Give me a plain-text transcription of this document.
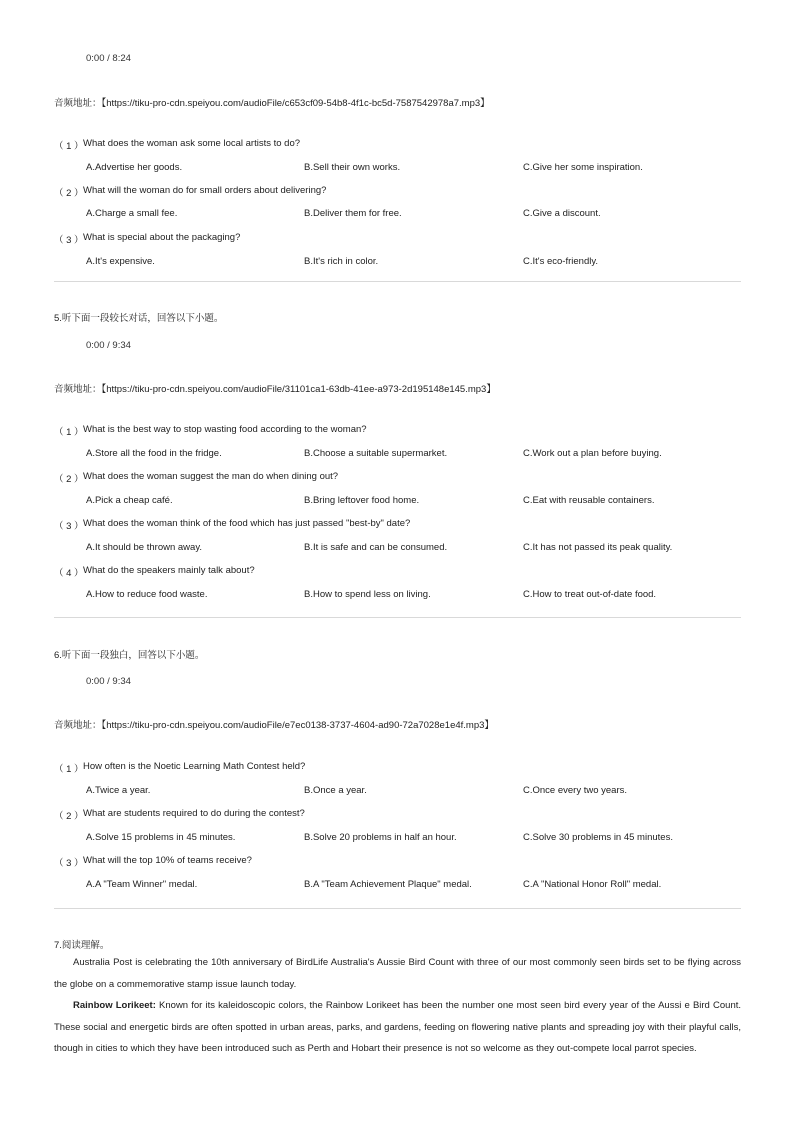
0:00 / 8:24
音频地址：【https://tiku-pro-cdn.speiyou.com/audioFile/c653cf09-54b8-4f1c-bc5d-7587542978a7.mp3】
（ 1 ） What does the woman ask some local artists to do?
A.Advertise her goods.	B.Sell their own works.	C.Give her some inspiration.
（ 2 ） What will the woman do for small orders about delivering?
A.Charge a small fee.	B.Deliver them for free.	C.Give a discount.
（ 3 ） What is special about the packaging?
A.It's expensive.	B.It's rich in color.	C.It's eco-friendly.
5.听下面一段较长对话，回答以下小题。
0:00 / 9:34
音频地址：【https://tiku-pro-cdn.speiyou.com/audioFile/31101ca1-63db-41ee-a973-2d195148e145.mp3】
（ 1 ） What is the best way to stop wasting food according to the woman?
A.Store all the food in the fridge.	B.Choose a suitable supermarket.	C.Work out a plan before buying.
（ 2 ） What does the woman suggest the man do when dining out?
A.Pick a cheap café.	B.Bring leftover food home.	C.Eat with reusable containers.
（ 3 ） What does the woman think of the food which has just passed "best-by" date?
A.It should be thrown away.	B.It is safe and can be consumed.	C.It has not passed its peak quality.
（ 4 ） What do the speakers mainly talk about?
A.How to reduce food waste.	B.How to spend less on living.	C.How to treat out-of-date food.
6.听下面一段独白，回答以下小题。
0:00 / 9:34
音频地址：【https://tiku-pro-cdn.speiyou.com/audioFile/e7ec0138-3737-4604-ad90-72a7028e1e4f.mp3】
（ 1 ） How often is the Noetic Learning Math Contest held?
A.Twice a year.	B.Once a year.	C.Once every two years.
（ 2 ） What are students required to do during the contest?
A.Solve 15 problems in 45 minutes.	B.Solve 20 problems in half an hour.	C.Solve 30 problems in 45 minutes.
（ 3 ） What will the top 10% of teams receive?
A.A "Team Winner" medal.	B.A "Team Achievement Plaque" medal.	C.A "National Honor Roll" medal.
7.阅读理解。

Australia Post is celebrating the 10th anniversary of BirdLife Australia's Aussie Bird Count with three of our most commonly seen birds set to be flying across the globe on a commemorative stamp issue launch today.

Rainbow Lorikeet: Known for its kaleidoscopic colors, the Rainbow Lorikeet has been the number one most seen bird every year of the Aussi e Bird Count. These social and energetic birds are often spotted in urban areas, parks, and gardens, feeding on flowering native plants and spreading joy with their playful calls, though in cities to which they have been introduced such as Perth and Hobart their presence is not so welcome as they out-compete local parrot species.
